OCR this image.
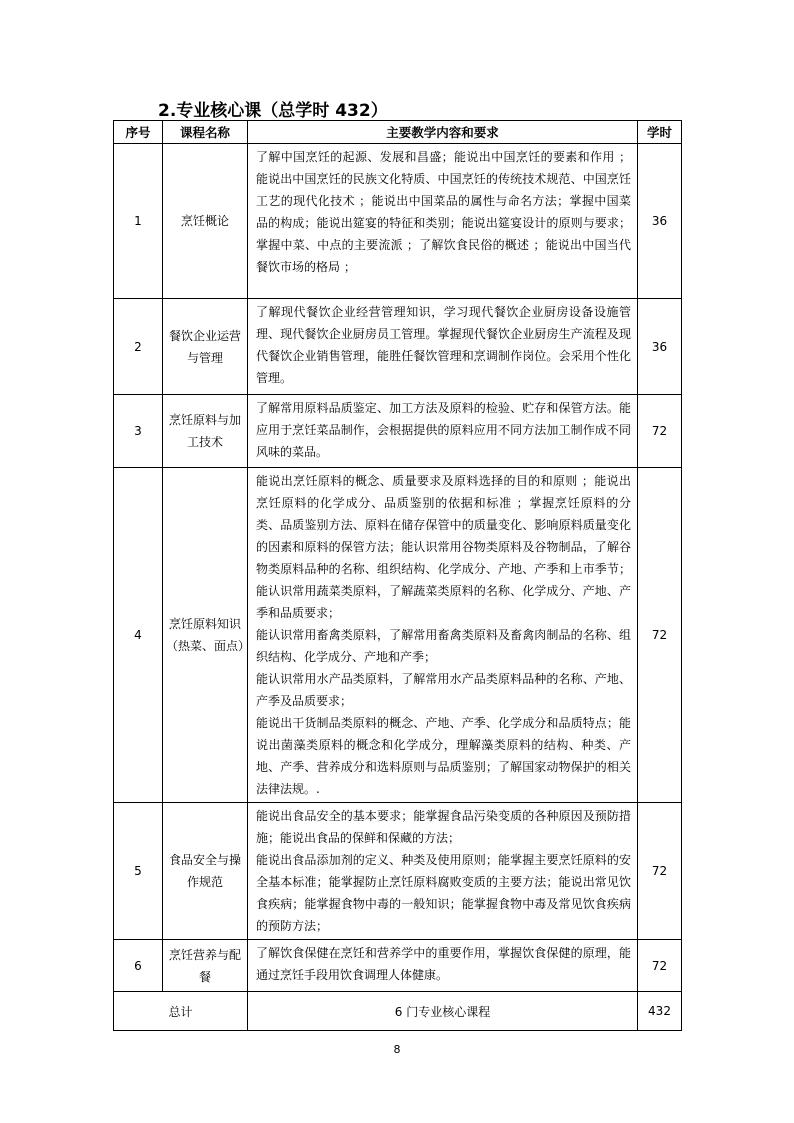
2.专业核心课（总学时 432）
序号	课程名称	主要教学内容和要求	学时
1	烹饪概论	了解中国烹饪的起源、发展和昌盛；能说出中国烹饪的要素和作用 ；能说出中国烹饪的民族文化特质、中国烹饪的传统技术规范、中国烹饪工艺的现代化技术 ；能说出中国菜品的属性与命名方法；掌握中国菜品的构成；能说出筵宴的特征和类别；能说出筵宴设计的原则与要求；掌握中菜、中点的主要流派 ；了解饮食民俗的概述 ；能说出中国当代餐饮市场的格局 ；	36
2	餐饮企业运营与管理	了解现代餐饮企业经营管理知识，学习现代餐饮企业厨房设备设施管理、现代餐饮企业厨房员工管理。掌握现代餐饮企业厨房生产流程及现代餐饮企业销售管理，能胜任餐饮管理和烹调制作岗位。会采用个性化管理。	36
3	烹饪原料与加工技术	了解常用原料品质鉴定、加工方法及原料的检验、贮存和保管方法。能应用于烹饪菜品制作，会根据提供的原料应用不同方法加工制作成不同风味的菜品。	72
4	烹饪原料知识（热菜、面点）	能说出烹饪原料的概念、质量要求及原料选择的目的和原则 ；能说出烹饪原料的化学成分、品质鉴别的依据和标准 ；掌握烹饪原料的分类、品质鉴别方法、原料在储存保管中的质量变化、影响原料质量变化的因素和原料的保管方法；能认识常用谷物类原料及谷物制品，了解谷物类原料品种的名称、组织结构、化学成分、产地、产季和上市季节；能认识常用蔬菜类原料，了解蔬菜类原料的名称、化学成分、产地、产季和品质要求；
能认识常用畜禽类原料，了解常用畜禽类原料及畜禽肉制品的名称、组织结构、化学成分、产地和产季；
能认识常用水产品类原料，了解常用水产品类原料品种的名称、产地、产季及品质要求；
能说出干货制品类原料的概念、产地、产季、化学成分和品质特点；能说出菌藻类原料的概念和化学成分，理解藻类原料的结构、种类、产地、产季、营养成分和选料原则与品质鉴别；了解国家动物保护的相关法律法规。.	72
5	食品安全与操作规范	能说出食品安全的基本要求；能掌握食品污染变质的各种原因及预防措施；能说出食品的保鲜和保藏的方法；
能说出食品添加剂的定义、种类及使用原则；能掌握主要烹饪原料的安全基本标准；能掌握防止烹饪原料腐败变质的主要方法；能说出常见饮食疾病；能掌握食物中毒的一般知识；能掌握食物中毒及常见饮食疾病的预防方法；	72
6	烹饪营养与配餐	了解饮食保健在烹饪和营养学中的重要作用，掌握饮食保健的原理，能通过烹饪手段用饮食调理人体健康。	72
总计		6 门专业核心课程	432
8
